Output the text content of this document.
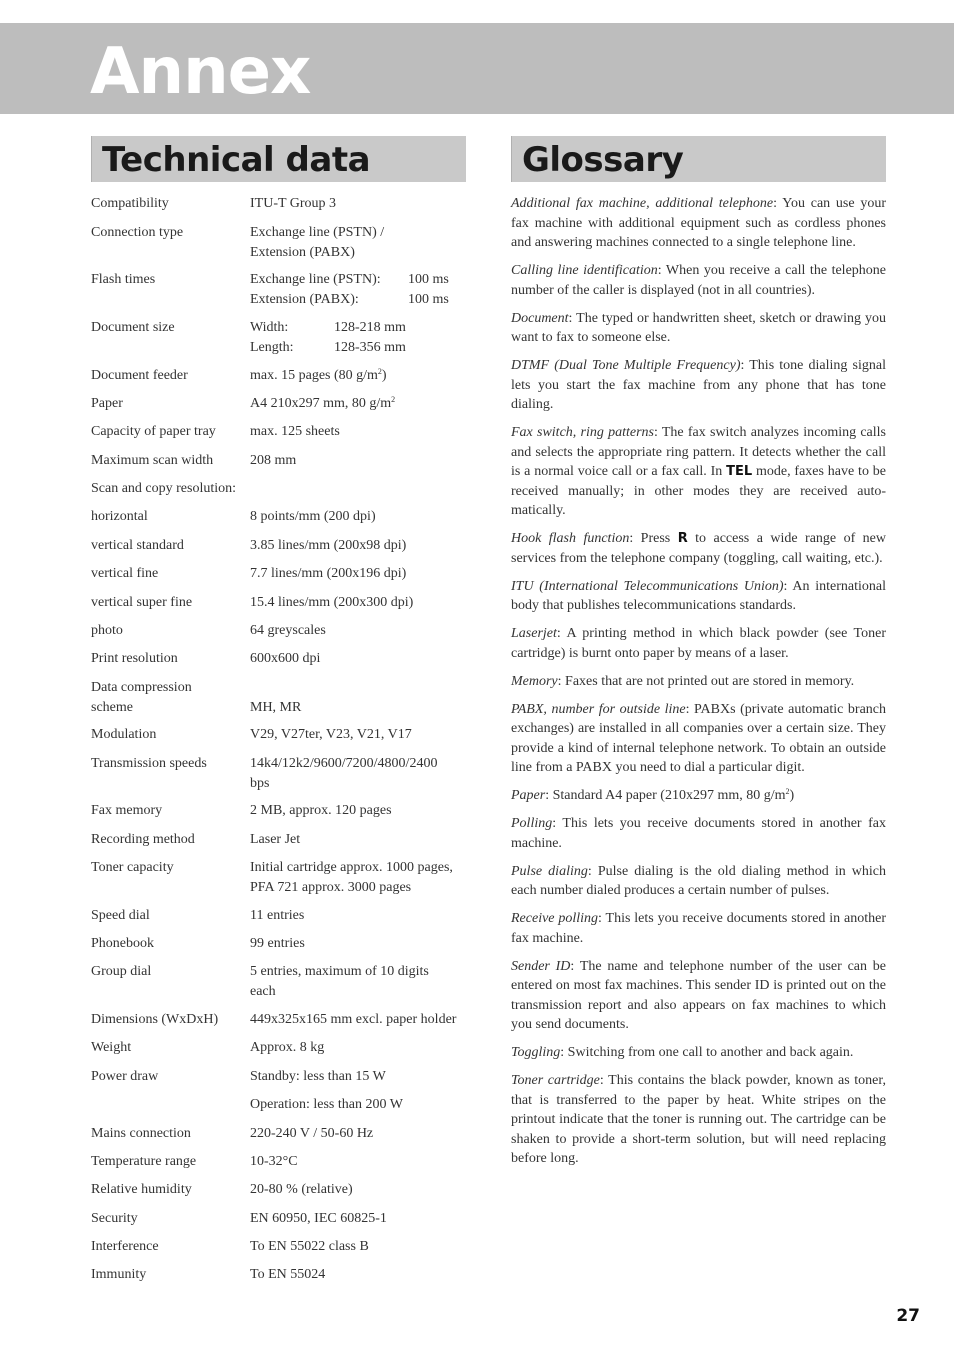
Annex
Technical data	Glossary
Compatibility	ITU-T Group 3
Connection type	Exchange line (PSTN) /
Extension (PABX)
Flash times	Exchange line (PSTN): 100 ms
Extension (PABX):	100 ms
Document size	Width:	128-218 mm
Length:	128-356 mm
Document feeder	max. 15 pages (80 $g/m^2$)
Paper	A4 210x297 mm, 80 $g/m^2$
Capacity of paper tray	max. 125 sheets
Maximum scan width	208 mm
Scan and copy resolution:
horizontal	8 points/mm (200 dpi)
vertical standard	3.85 lines/mm (200x98 dpi)
vertical fine	7.7 lines/mm (200x196 dpi)
vertical super fine	15.4 lines/mm (200x300 dpi)
photo	64 greyscales
Print resolution	600x600 dpi
Data compression
scheme	MH, MR
Modulation	V29, V27ter, V23, V21, V17
Transmission speeds	14k4/12k2/9600/7200/4800/2400
bps
Fax memory	2 MB, approx. 120 pages
Recording method	Laser Jet
Toner capacity	Initial cartridge approx. 1000 pages,
PFA 721 approx. 3000 pages
Speed dial	11 entries
Phonebook	99 entries
Group dial	5 entries, maximum of 10 digits
each
Dimensions (WxDxH)	449x325x165 mm excl. paper holder
Weight	Approx. 8 kg
Power draw	Standby: less than 15 W
Operation: less than 200 W
Mains connection	220-240 V / 50-60 Hz
Temperature range	10-32°C
Relative humidity	20-80 % (relative)
Security	EN 60950, IEC 60825-1
Interference	To EN 55022 class B
Immunity	To EN 55024

Additional fax machine, additional telephone: You can use your fax machine with additional equipment such as cordless phones and answering machines connected to a single telephone line.

Calling line identification: When you receive a call the telephone number of the caller is displayed (not in all countries).

Document: The typed or handwritten sheet, sketch or drawing you want to fax to someone else.

DTMF (Dual Tone Multiple Frequency): This tone dialing signal lets you start the fax machine from any phone that has tone dialing.

Fax switch, ring patterns: The fax switch analyzes incoming calls and selects the appropriate ring pattern. It detects whether the call is a normal voice call or a fax call. In TEL mode, faxes have to be received manually; in other modes they are received auto-matically.

Hook flash function: Press R to access a wide range of new services from the telephone company (toggling, call waiting, etc.).

ITU (International Telecommunications Union): An international body that publishes telecommunications standards.

Laserjet: A printing method in which black powder (see Toner cartridge) is burnt onto paper by means of a laser.

Memory: Faxes that are not printed out are stored in memory.

PABX, number for outside line: PABXs (private automatic branch exchanges) are installed in all companies over a certain size. They provide a kind of internal telephone network. To obtain an outside line from a PABX you need to dial a particular digit.

Paper: Standard A4 paper (210x297 mm, 80 $g/m^2$)

Polling: This lets you receive documents stored in another fax machine.

Pulse dialing: Pulse dialing is the old dialing method in which each number dialed produces a certain number of pulses.

Receive polling: This lets you receive documents stored in another fax machine.

Sender ID: The name and telephone number of the user can be entered on most fax machines. This sender ID is printed out on the transmission report and also appears on fax machines to which you send documents.

Toggling: Switching from one call to another and back again.

Toner cartridge: This contains the black powder, known as toner, that is transferred to the paper by heat. White stripes on the printout indicate that the toner is running out. The cartridge can be shaken to provide a short-term solution, but will need replacing before long.

27
